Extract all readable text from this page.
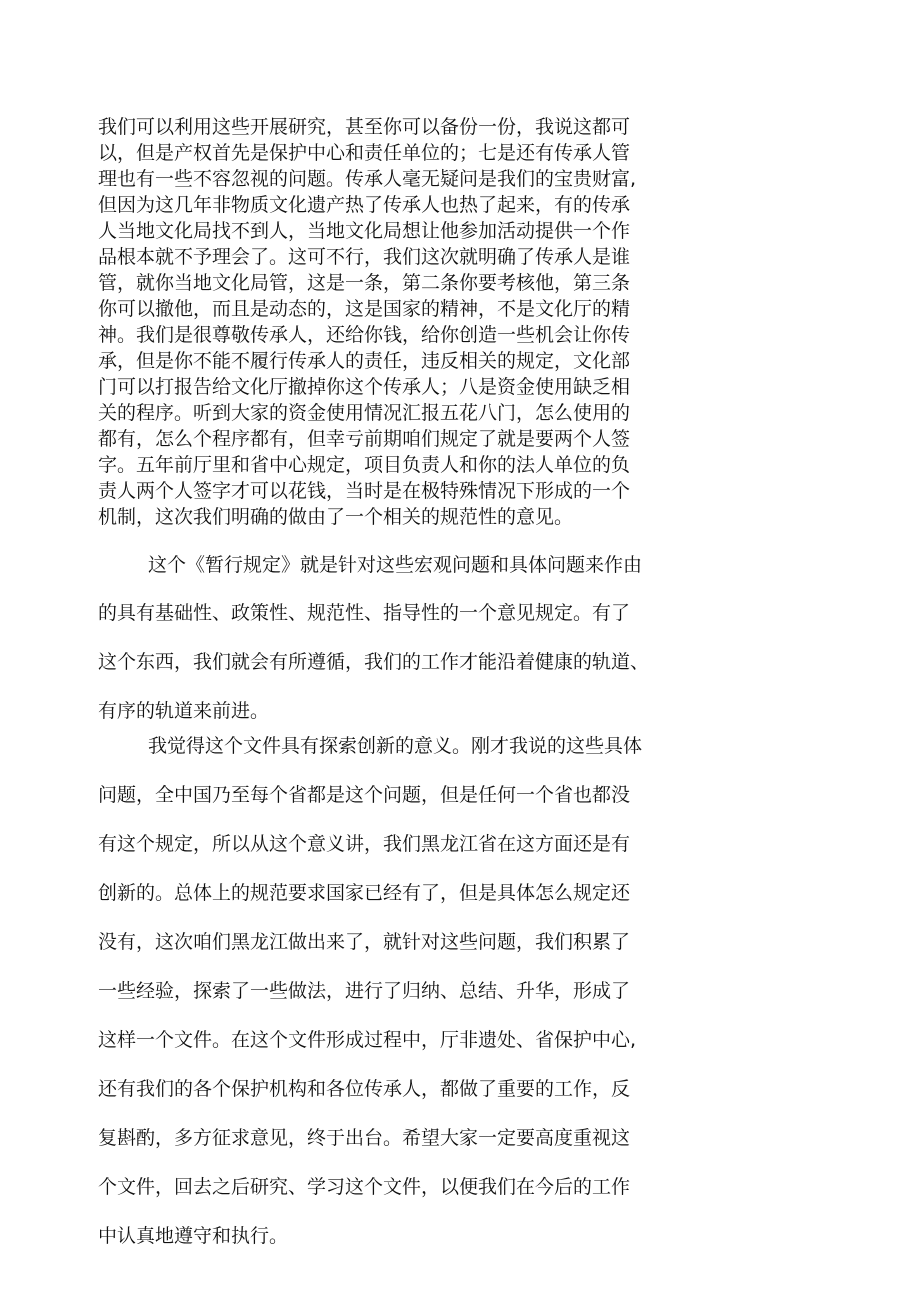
我们可以利用这些开展研究，甚至你可以备份一份，我说这都可
以，但是产权首先是保护中心和责任单位的；七是还有传承人管
理也有一些不容忽视的问题。传承人毫无疑问是我们的宝贵财富,
但因为这几年非物质文化遗产热了传承人也热了起来，有的传承
人当地文化局找不到人，当地文化局想让他参加活动提供一个作
品根本就不予理会了。这可不行，我们这次就明确了传承人是谁
管，就你当地文化局管，这是一条，第二条你要考核他，第三条
你可以撤他，而且是动态的，这是国家的精神，不是文化厅的精
神。我们是很尊敬传承人，还给你钱，给你创造一些机会让你传
承，但是你不能不履行传承人的责任，违反相关的规定，文化部
门可以打报告给文化厅撤掉你这个传承人；八是资金使用缺乏相
关的程序。听到大家的资金使用情况汇报五花八门，怎么使用的
都有，怎么个程序都有，但幸亏前期咱们规定了就是要两个人签
字。五年前厅里和省中心规定，项目负责人和你的法人单位的负
责人两个人签字才可以花钱，当时是在极特殊情况下形成的一个
机制，这次我们明确的做由了一个相关的规范性的意见。
这个《暂行规定》就是针对这些宏观问题和具体问题来作由
的具有基础性、政策性、规范性、指导性的一个意见规定。有了
这个东西，我们就会有所遵循，我们的工作才能沿着健康的轨道、
有序的轨道来前进。
我觉得这个文件具有探索创新的意义。刚才我说的这些具体
问题，全中国乃至每个省都是这个问题，但是任何一个省也都没
有这个规定，所以从这个意义讲，我们黑龙江省在这方面还是有
创新的。总体上的规范要求国家已经有了，但是具体怎么规定还
没有，这次咱们黑龙江做出来了，就针对这些问题，我们积累了
一些经验，探索了一些做法，进行了归纳、总结、升华，形成了
这样一个文件。在这个文件形成过程中，厅非遗处、省保护中心,
还有我们的各个保护机构和各位传承人，都做了重要的工作，反
复斟酌，多方征求意见，终于出台。希望大家一定要高度重视这
个文件，回去之后研究、学习这个文件，以便我们在今后的工作
中认真地遵守和执行。
